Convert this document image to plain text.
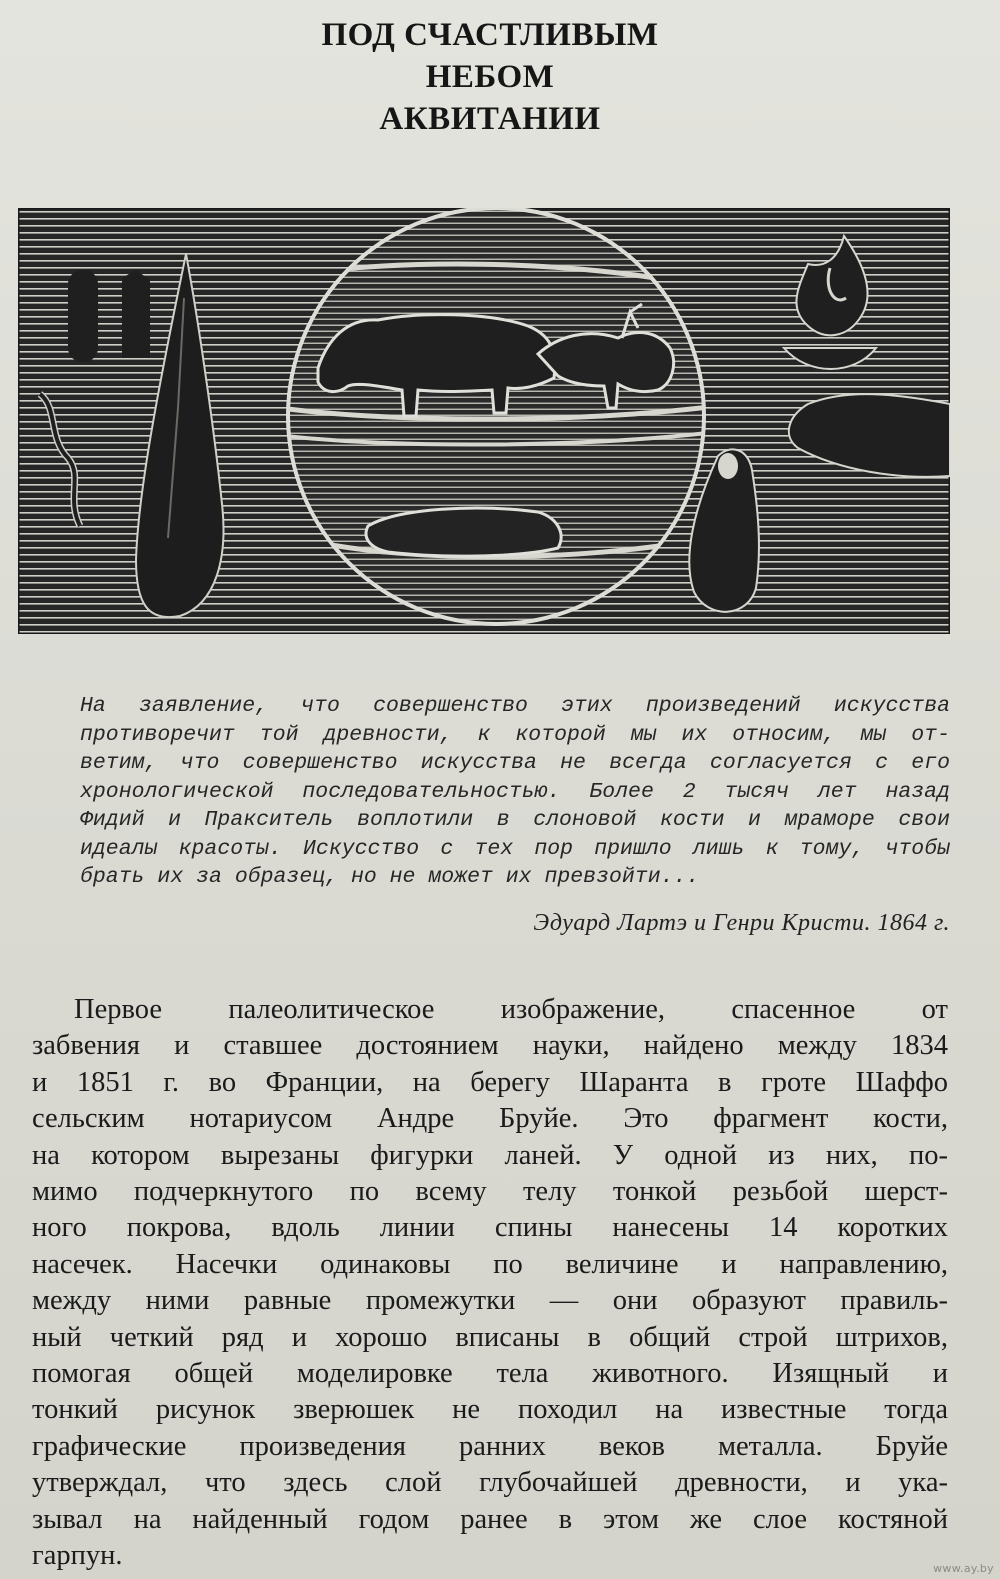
ПОД СЧАСТЛИВЫМ
НЕБОМ
АКВИТАНИИ
На заявление, что совершенство этих произведений искусства
противоречит той древности, к которой мы их относим, мы от-
ветим, что совершенство искусства не всегда согласуется с его
хронологической последовательностью. Более 2 тысяч лет назад
Фидий и Пракситель воплотили в слоновой кости и мраморе свои
идеалы красоты. Искусство с тех пор пришло лишь к тому, чтобы
брать их за образец, но не может их превзойти...
Эдуард Лартэ и Генри Кристи. 1864 г.
Первое палеолитическое изображение, спасенное от
забвения и ставшее достоянием науки, найдено между 1834
и 1851 г. во Франции, на берегу Шаранта в гроте Шаффо
сельским нотариусом Андре Бруйе. Это фрагмент кости,
на котором вырезаны фигурки ланей. У одной из них, по-
мимо подчеркнутого по всему телу тонкой резьбой шерст-
ного покрова, вдоль линии спины нанесены 14 коротких
насечек. Насечки одинаковы по величине и направлению,
между ними равные промежутки — они образуют правиль-
ный четкий ряд и хорошо вписаны в общий строй штрихов,
помогая общей моделировке тела животного. Изящный и
тонкий рисунок зверюшек не походил на известные тогда
графические произведения ранних веков металла. Бруйе
утверждал, что здесь слой глубочайшей древности, и ука-
зывал на найденный годом ранее в этом же слое костяной
гарпун.	www.ay.by
